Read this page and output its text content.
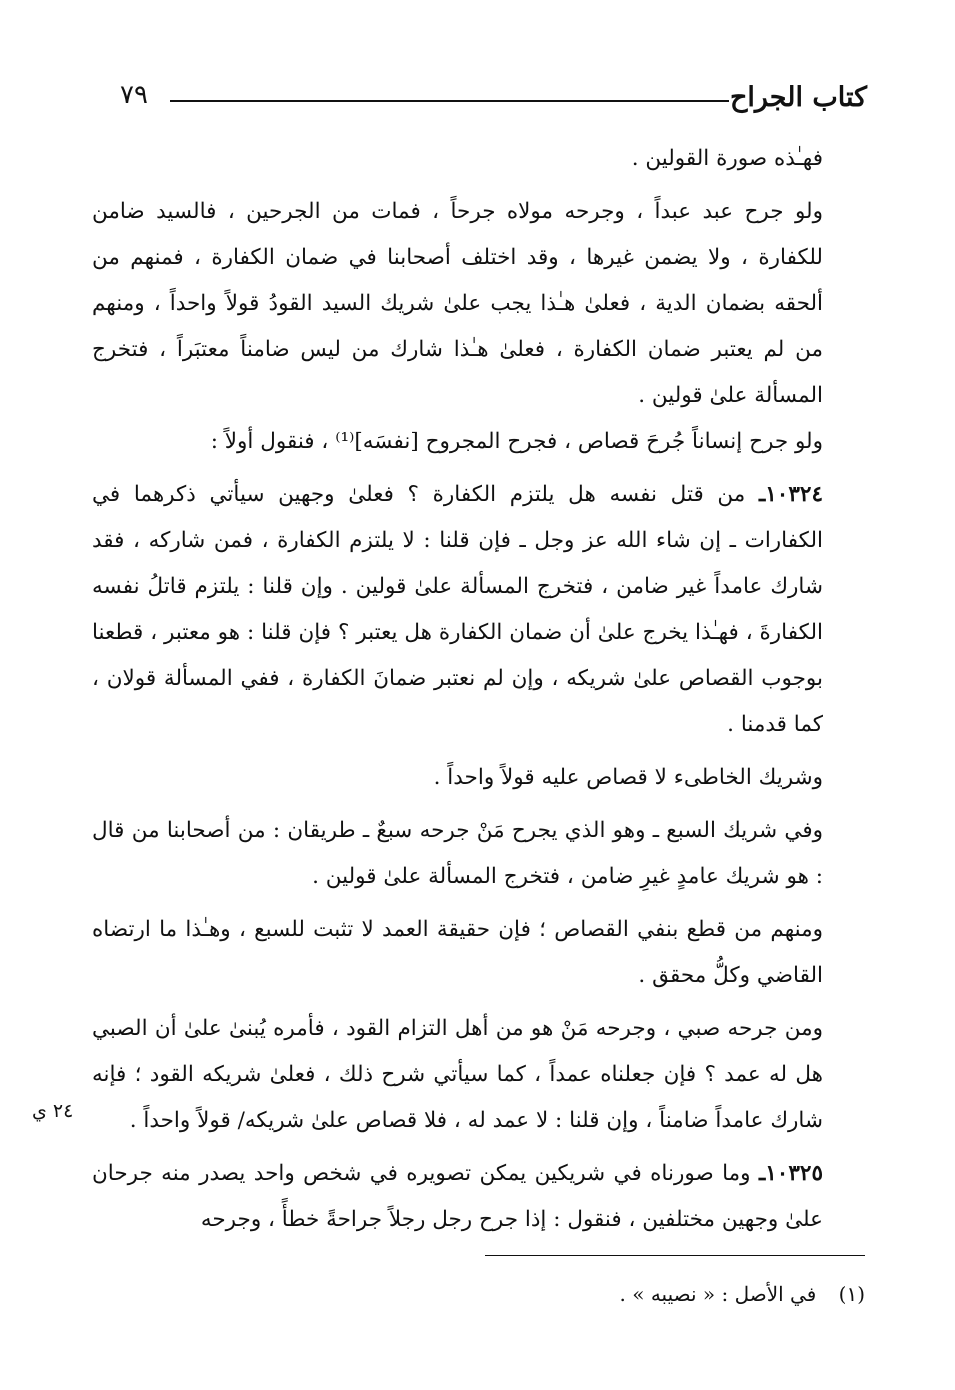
كتاب الجراح
٧٩

فهـٰذه صورة القولين .

ولو جرح عبد عبداً ، وجرحه مولاه جرحاً ، فمات من الجرحين ، فالسيد ضامن للكفارة ، ولا يضمن غيرها ، وقد اختلف أصحابنا في ضمان الكفارة ، فمنهم من ألحقه بضمان الدية ، فعلىٰ هـٰذا يجب علىٰ شريك السيد القودُ قولاً واحداً ، ومنهم من لم يعتبر ضمان الكفارة ، فعلىٰ هـٰذا شارك من ليس ضامناً معتبَراً ، فتخرج المسألة علىٰ قولين .

ولو جرح إنساناً جُرحَ قصاص ، فجرح المجروح [نفسَه]⁽¹⁾ ، فنقول أولاً :

١٠٣٢٤ـ من قتل نفسه هل يلتزم الكفارة ؟ فعلىٰ وجهين سيأتي ذكرهما في الكفارات ـ إن شاء الله عز وجل ـ فإن قلنا : لا يلتزم الكفارة ، فمن شاركه ، فقد شارك عامداً غير ضامن ، فتخرج المسألة علىٰ قولين . وإن قلنا : يلتزم قاتلُ نفسه الكفارةَ ، فهـٰذا يخرج علىٰ أن ضمان الكفارة هل يعتبر ؟ فإن قلنا : هو معتبر ، قطعنا بوجوب القصاص علىٰ شريكه ، وإن لم نعتبر ضمانَ الكفارة ، ففي المسألة قولان ، كما قدمنا .

وشريك الخاطىء لا قصاص عليه قولاً واحداً .

وفي شريك السبع ـ وهو الذي يجرح مَنْ جرحه سبعٌ ـ طريقان : من أصحابنا من قال : هو شريك عامدٍ غيرِ ضامن ، فتخرج المسألة علىٰ قولين .

ومنهم من قطع بنفي القصاص ؛ فإن حقيقة العمد لا تثبت للسبع ، وهـٰذا ما ارتضاه القاضي وكلُّ محقق .

ومن جرحه صبي ، وجرحه مَنْ هو من أهل التزام القود ، فأمره يُبنىٰ علىٰ أن الصبي هل له عمد ؟ فإن جعلناه عمداً ، كما سيأتي شرح ذلك ، فعلىٰ شريكه القود ؛ فإنه شارك عامداً ضامناً ، وإن قلنا : لا عمد له ، فلا قصاص علىٰ شريكه/ قولاً واحداً .

١٠٣٢٥ـ وما صورناه في شريكين يمكن تصويره في شخص واحد يصدر منه جرحان علىٰ وجهين مختلفين ، فنقول : إذا جرح رجل رجلاً جراحةً خطأً ، وجرحه

٢٤ ي
(١) في الأصل : « نصيبه » .
